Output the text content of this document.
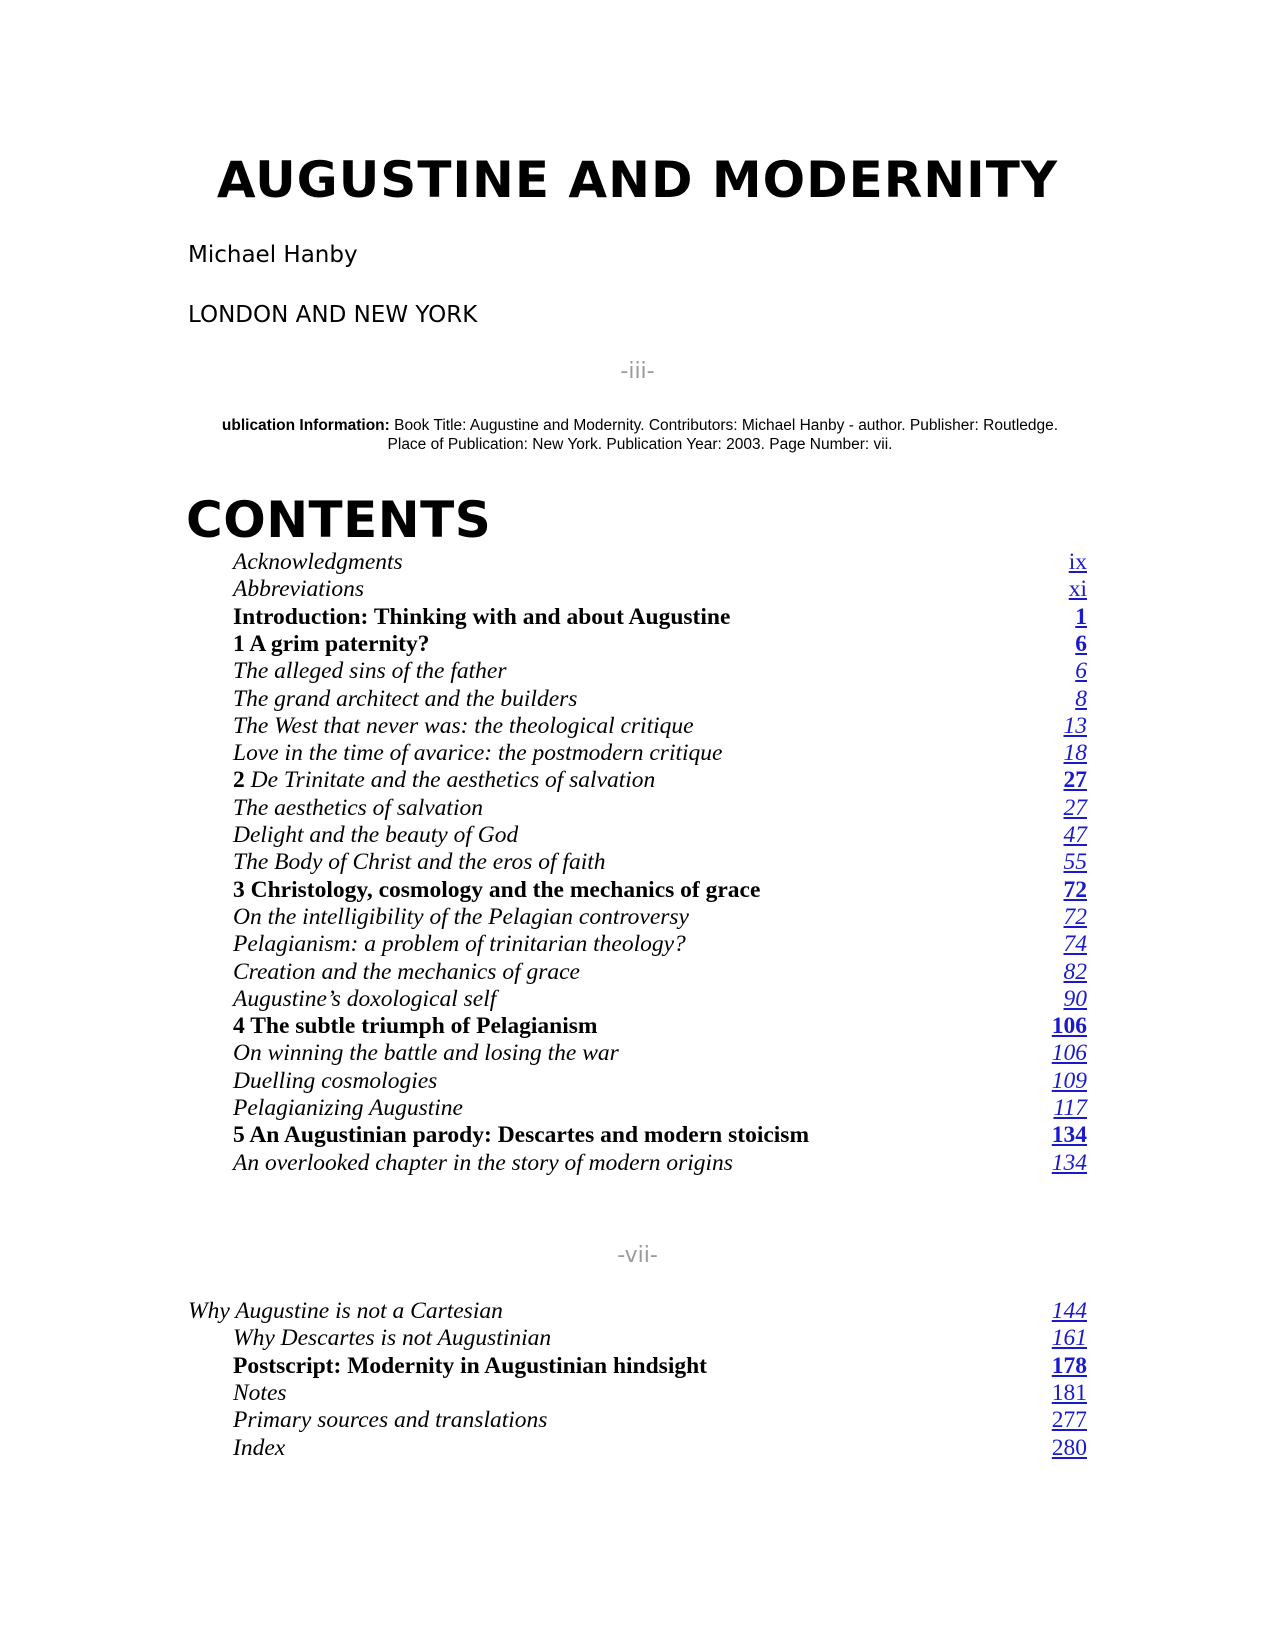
AUGUSTINE AND MODERNITY
Michael Hanby
LONDON AND NEW YORK
-iii-
ublication Information: Book Title: Augustine and Modernity. Contributors: Michael Hanby - author. Publisher: Routledge. Place of Publication: New York. Publication Year: 2003. Page Number: vii.
CONTENTS
Acknowledgments	ix
Abbreviations	xi
Introduction: Thinking with and about Augustine	1
1 A grim paternity?	6
The alleged sins of the father	6
The grand architect and the builders	8
The West that never was: the theological critique	13
Love in the time of avarice: the postmodern critique	18
2 De Trinitate and the aesthetics of salvation	27
The aesthetics of salvation	27
Delight and the beauty of God	47
The Body of Christ and the eros of faith	55
3 Christology, cosmology and the mechanics of grace	72
On the intelligibility of the Pelagian controversy	72
Pelagianism: a problem of trinitarian theology?	74
Creation and the mechanics of grace	82
Augustine’s doxological self	90
4 The subtle triumph of Pelagianism	106
On winning the battle and losing the war	106
Duelling cosmologies	109
Pelagianizing Augustine	117
5 An Augustinian parody: Descartes and modern stoicism	134
An overlooked chapter in the story of modern origins	134
-vii-
Why Augustine is not a Cartesian	144
Why Descartes is not Augustinian	161
Postscript: Modernity in Augustinian hindsight	178
Notes	181
Primary sources and translations	277
Index	280
